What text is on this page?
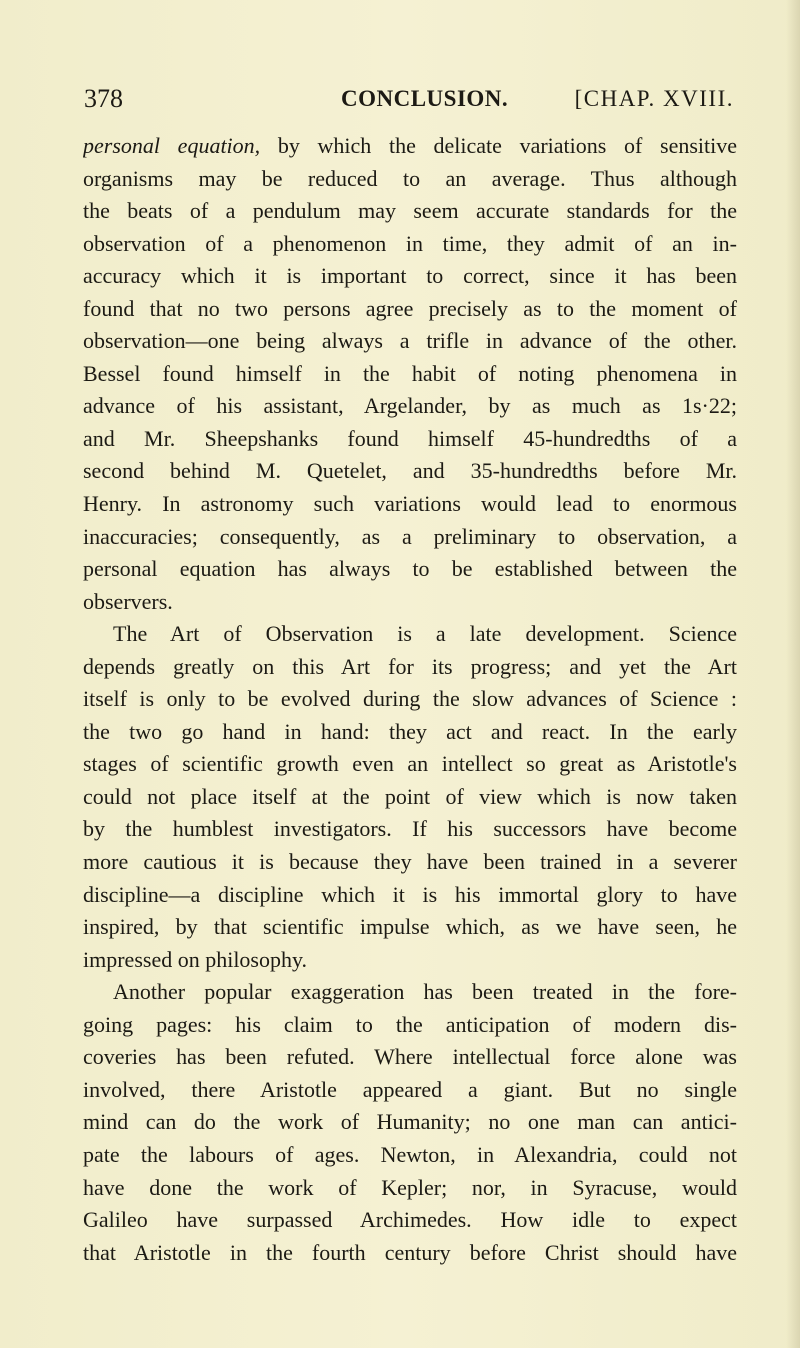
378	CONCLUSION.	[CHAP. XVIII.
personal equation, by which the delicate variations of sensitive
organisms may be reduced to an average. Thus although
the beats of a pendulum may seem accurate standards for the
observation of a phenomenon in time, they admit of an in-
accuracy which it is important to correct, since it has been
found that no two persons agree precisely as to the moment of
observation—one being always a trifle in advance of the other.
Bessel found himself in the habit of noting phenomena in
advance of his assistant, Argelander, by as much as 1s·22;
and Mr. Sheepshanks found himself 45-hundredths of a
second behind M. Quetelet, and 35-hundredths before Mr.
Henry. In astronomy such variations would lead to enormous
inaccuracies; consequently, as a preliminary to observation, a
personal equation has always to be established between the
observers.
The Art of Observation is a late development. Science
depends greatly on this Art for its progress; and yet the Art
itself is only to be evolved during the slow advances of Science :
the two go hand in hand: they act and react. In the early
stages of scientific growth even an intellect so great as Aristotle's
could not place itself at the point of view which is now taken
by the humblest investigators. If his successors have become
more cautious it is because they have been trained in a severer
discipline—a discipline which it is his immortal glory to have
inspired, by that scientific impulse which, as we have seen, he
impressed on philosophy.
Another popular exaggeration has been treated in the fore-
going pages: his claim to the anticipation of modern dis-
coveries has been refuted. Where intellectual force alone was
involved, there Aristotle appeared a giant. But no single
mind can do the work of Humanity; no one man can antici-
pate the labours of ages. Newton, in Alexandria, could not
have done the work of Kepler; nor, in Syracuse, would
Galileo have surpassed Archimedes. How idle to expect
that Aristotle in the fourth century before Christ should have
